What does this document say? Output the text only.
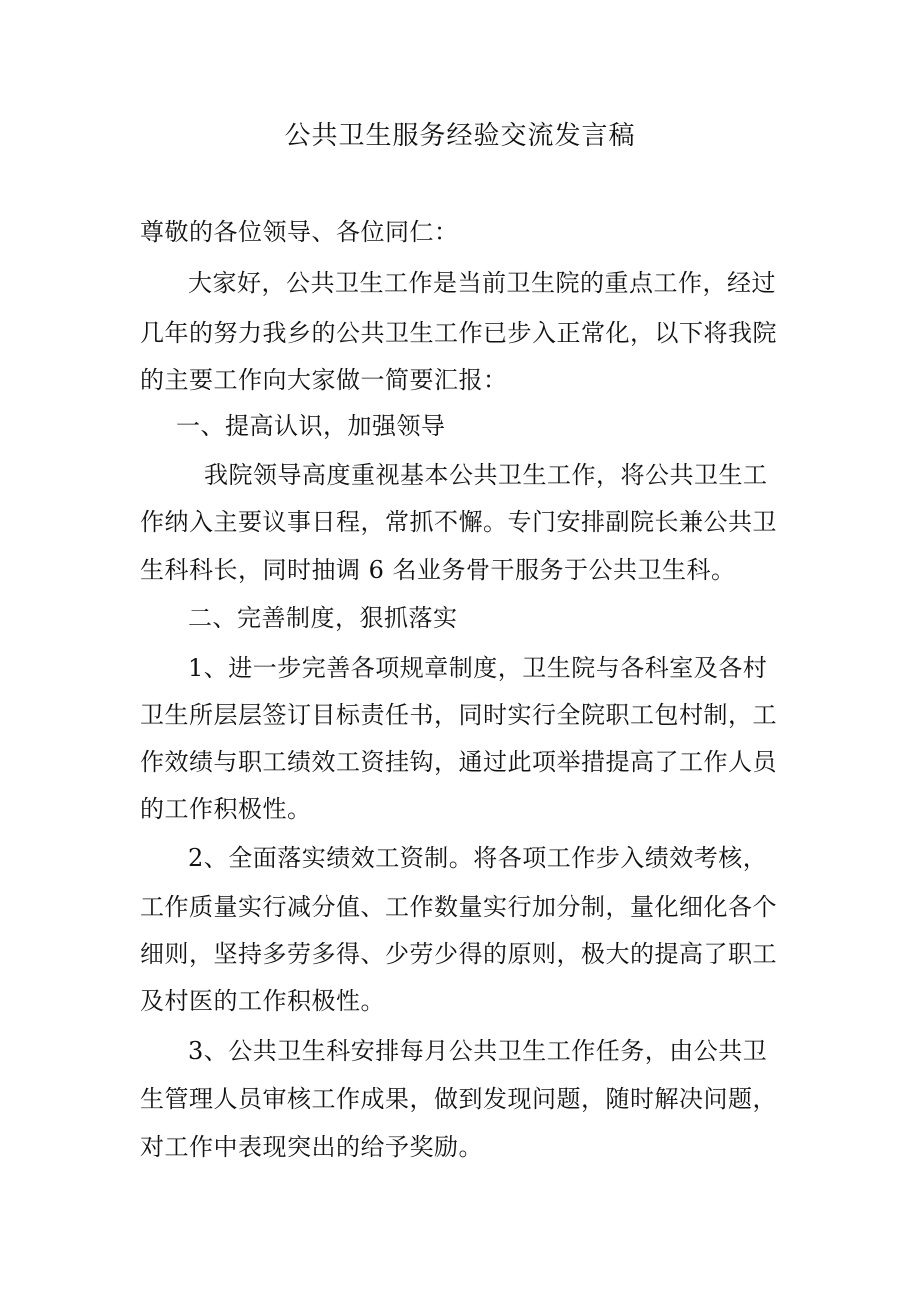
公共卫生服务经验交流发言稿
尊敬的各位领导、各位同仁：
大家好，公共卫生工作是当前卫生院的重点工作，经过
几年的努力我乡的公共卫生工作已步入正常化，以下将我院
的主要工作向大家做一简要汇报：
一、提高认识，加强领导
我院领导高度重视基本公共卫生工作，将公共卫生工
作纳入主要议事日程，常抓不懈。专门安排副院长兼公共卫
生科科长，同时抽调 6 名业务骨干服务于公共卫生科。
二、完善制度，狠抓落实
1、进一步完善各项规章制度，卫生院与各科室及各村
卫生所层层签订目标责任书，同时实行全院职工包村制，工
作效绩与职工绩效工资挂钩，通过此项举措提高了工作人员
的工作积极性。
2、全面落实绩效工资制。将各项工作步入绩效考核，
工作质量实行减分值、工作数量实行加分制，量化细化各个
细则，坚持多劳多得、少劳少得的原则，极大的提高了职工
及村医的工作积极性。
3、公共卫生科安排每月公共卫生工作任务，由公共卫
生管理人员审核工作成果，做到发现问题，随时解决问题，
对工作中表现突出的给予奖励。
